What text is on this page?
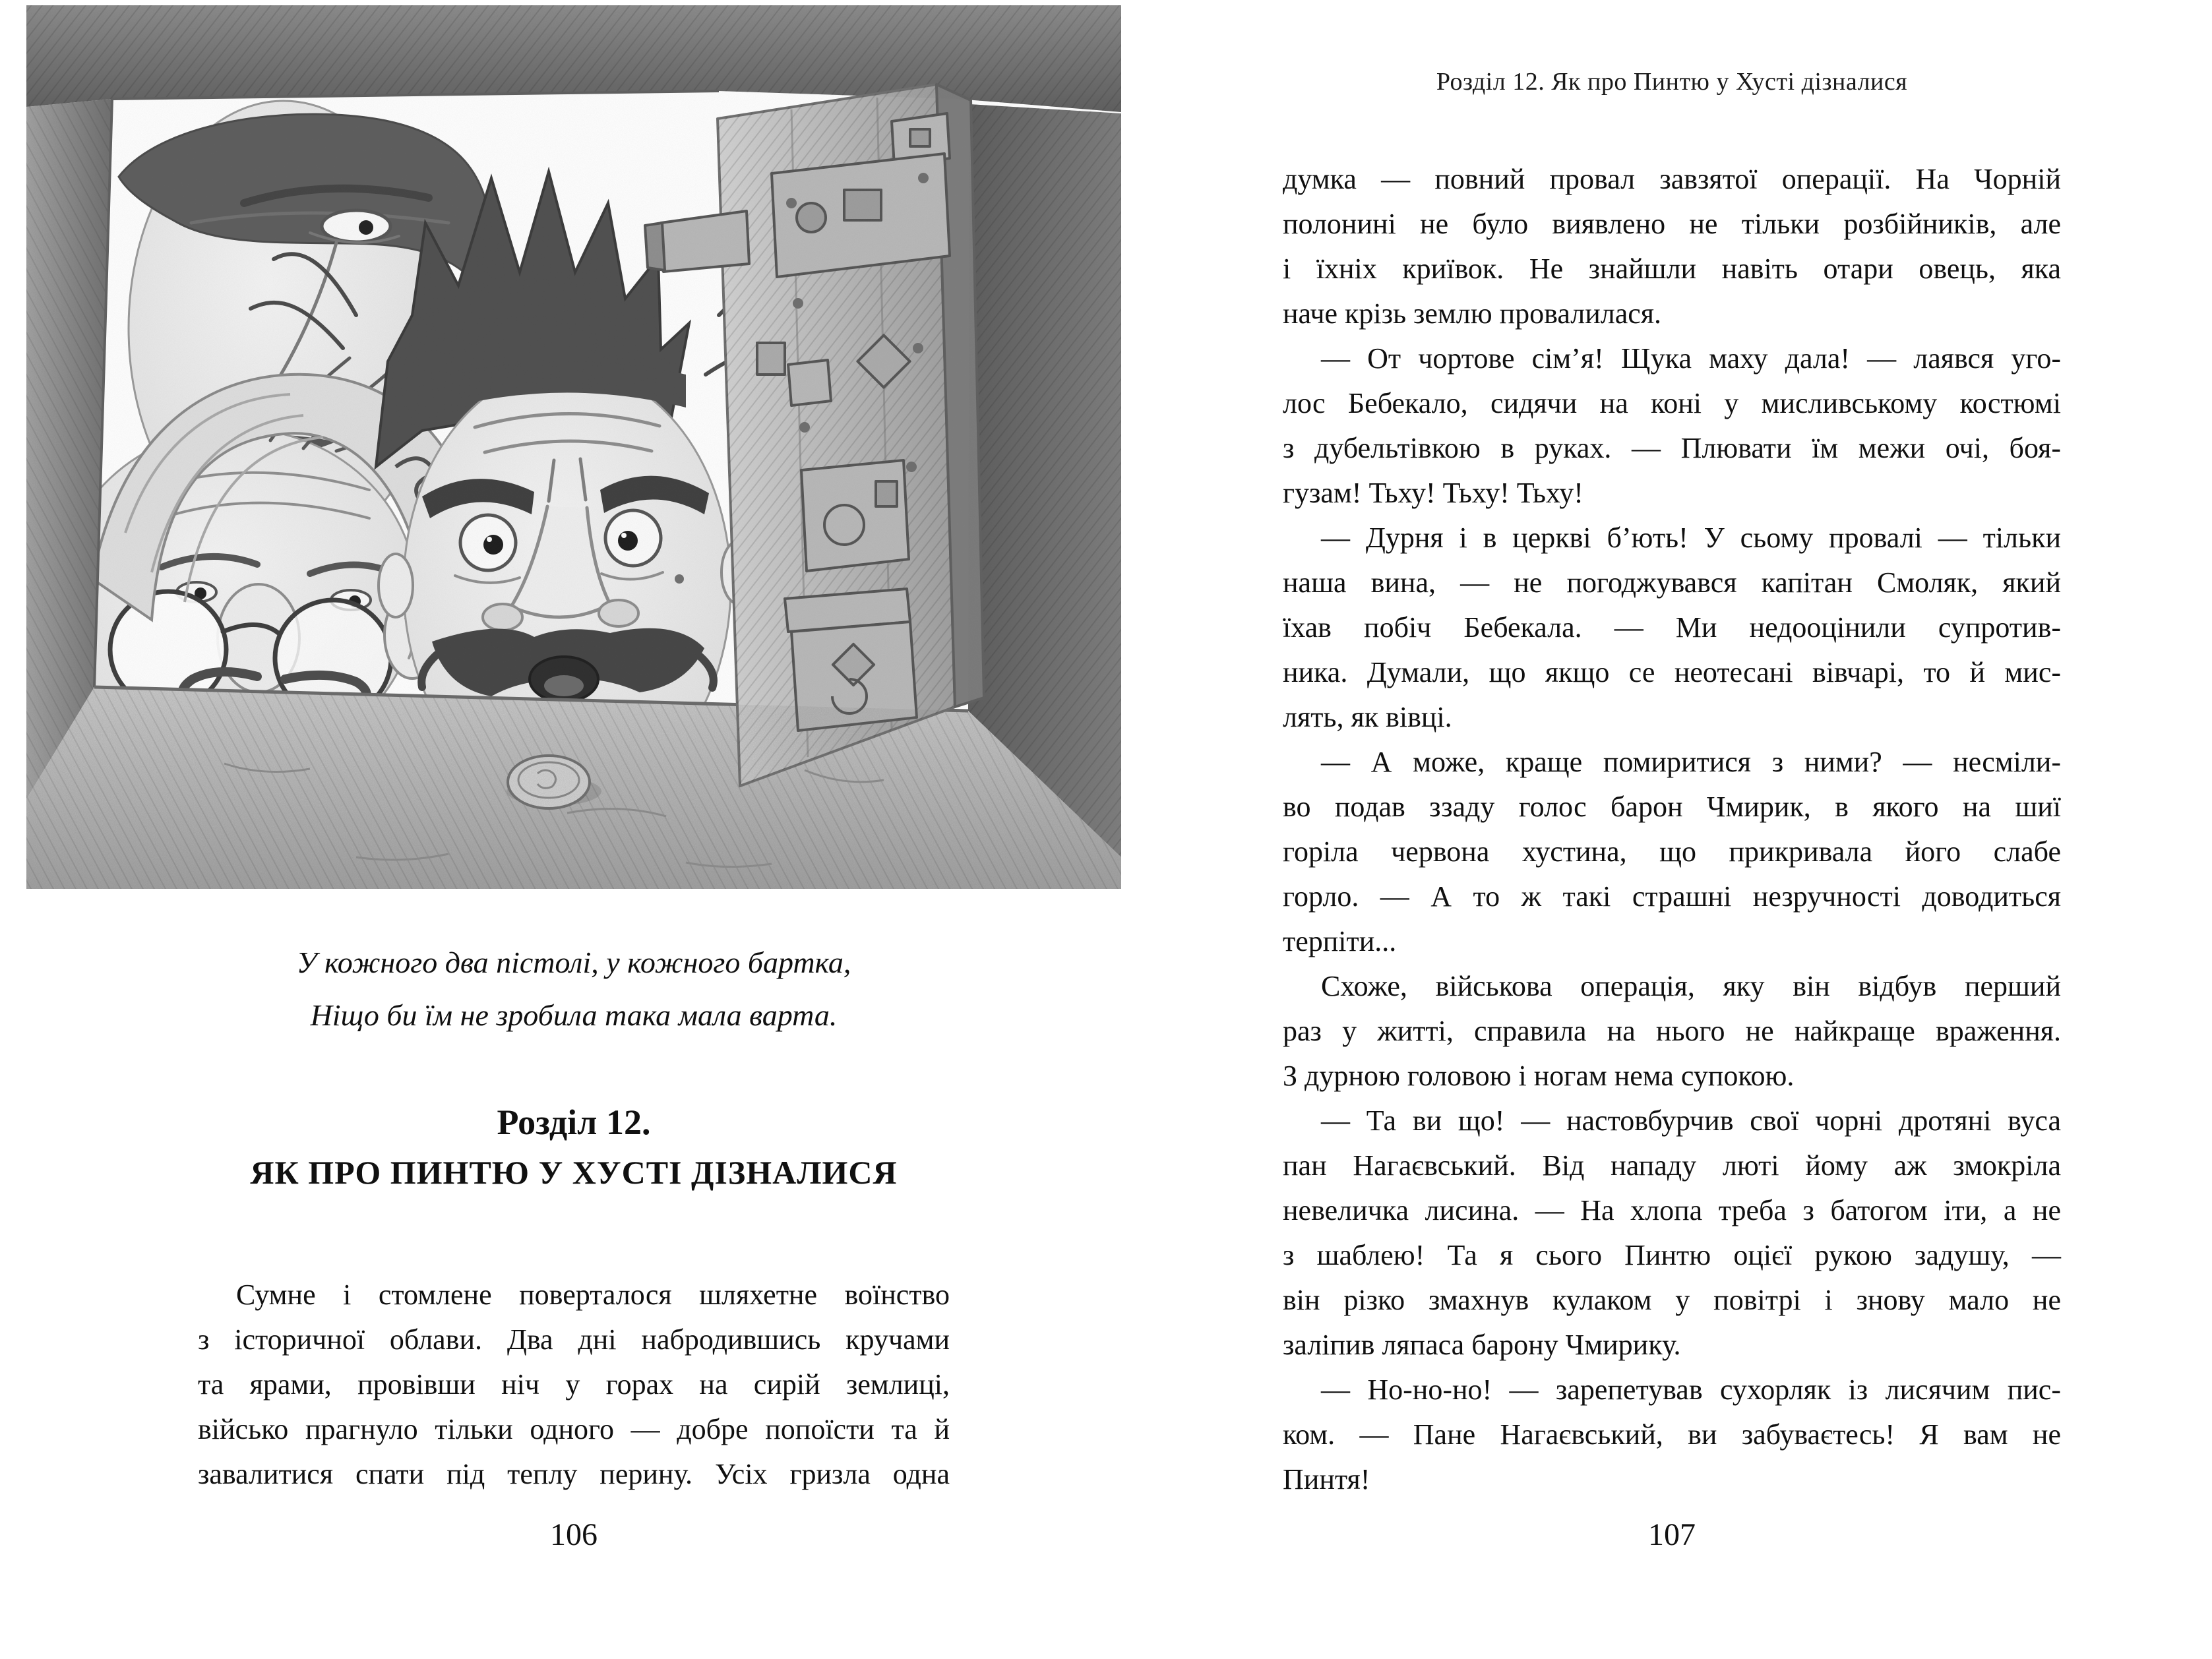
У кожного два пістолі, у кожного бартка,
Ніщо би їм не зробила така мала варта.
Розділ 12.
ЯК ПРО ПИНТЮ У ХУСТІ ДІЗНАЛИСЯ
Сумне і стомлене поверталося шляхетне воїнство
з історичної облави. Два дні набродившись кручами
та ярами, провівши ніч у горах на сирій землиці,
військо прагнуло тільки одного — добре попоїсти та й
завалитися спати під теплу перину. Усіх гризла одна
106
Розділ 12. Як про Пинтю у Хусті дізналися
думка — повний провал завзятої операції. На Чорній
полонині не було виявлено не тільки розбійників, але
і їхніх криївок. Не знайшли навіть отари овець, яка
наче крізь землю провалилася.
— От чортове сім’я! Щука маху дала! — лаявся уго-
лос Бебекало, сидячи на коні у мисливському костюмі
з дубельтівкою в руках. — Плювати їм межи очі, боя-
гузам! Тьху! Тьху! Тьху!
— Дурня і в церкві б’ють! У сьому провалі — тільки
наша вина, — не погоджувався капітан Смоляк, який
їхав побіч Бебекала. — Ми недооцінили супротив-
ника. Думали, що якщо се неотесані вівчарі, то й мис-
лять, як вівці.
— А може, краще помиритися з ними? — несміли-
во подав ззаду голос барон Чмирик, в якого на шиї
горіла червона хустина, що прикривала його слабе
горло. — А то ж такі страшні незручності доводиться
терпіти...
Схоже, військова операція, яку він відбув перший
раз у житті, справила на нього не найкраще враження.
З дурною головою і ногам нема супокою.
— Та ви що! — настовбурчив свої чорні дротяні вуса
пан Нагаєвський. Від нападу люті йому аж змокріла
невеличка лисина. — На хлопа треба з батогом іти, а не
з шаблею! Та я сього Пинтю оцієї рукою задушу, —
він різко змахнув кулаком у повітрі і знову мало не
заліпив ляпаса барону Чмирику.
— Но-но-но! — зарепетував сухорляк із лисячим пис-
ком. — Пане Нагаєвський, ви забуваєтесь! Я вам не
Пинтя!
107
